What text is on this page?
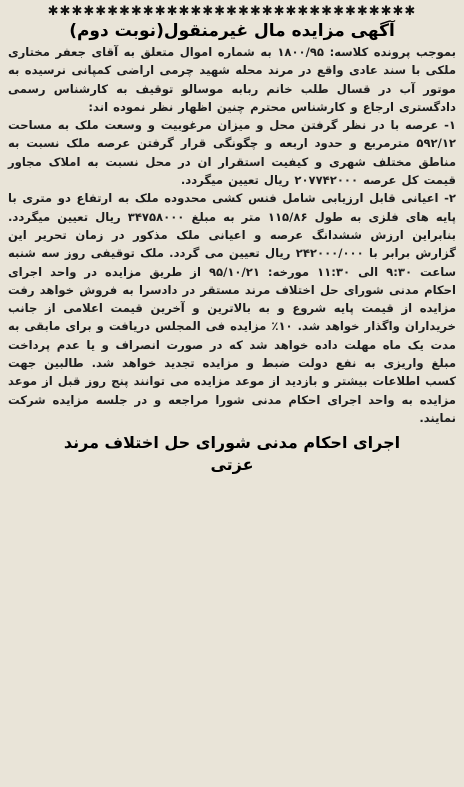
✱✱✱✱✱✱✱✱✱✱✱✱✱✱✱✱✱✱✱✱✱✱✱✱✱✱✱✱✱✱✱
آگهی مزایده مال غیرمنقول(نوبت دوم)

بموجب پرونده کلاسه: ۱۸۰۰/۹۵ به شماره اموال متعلق به آقای جعفر مختاری ملکی با سند عادی واقع در مرند محله شهید چرمی اراضی کمپانی نرسیده به موتور آب در قسال طلب خانم ربابه موسالو توقیف به کارشناس رسمی دادگستری ارجاع و کارشناس محترم چنین اظهار نظر نموده اند:

۱- عرصه با در نظر گرفتن محل و میزان مرغوبیت و وسعت ملک به مساحت ۵۹۲/۱۲ مترمربع و حدود اربعه و چگونگی قرار گرفتن عرصه ملک نسبت به مناطق مختلف شهری و کیفیت استقرار ان در محل نسبت به املاک مجاور قیمت کل عرصه ۲۰۷۷۴۲۰۰۰ ریال تعیین میگردد.

۲- اعیانی قابل ارزیابی شامل فنس کشی محدوده ملک به ارتفاع دو متری با پایه های فلزی به طول ۱۱۵/۸۶ متر به مبلغ ۳۴۷۵۸۰۰۰ ریال تعیین میگردد. بنابراین ارزش ششدانگ عرصه و اعیانی ملک مذکور در زمان تحریر این گزارش برابر با ۲۴۲۰۰۰/۰۰۰ ریال تعیین می گردد. ملک توقیفی روز سه شنبه ساعت ۹:۳۰ الی ۱۱:۳۰ مورخه: ۹۵/۱۰/۲۱ از طریق مزایده در واحد اجرای احکام مدنی شورای حل اختلاف مرند مستقر در دادسرا به فروش خواهد رفت مزایده از قیمت پایه شروع و به بالاترین و آخرین قیمت اعلامی از جانب خریداران واگذار خواهد شد. ۱۰٪ مزایده فی المجلس دریافت و برای مابقی به مدت یک ماه مهلت داده خواهد شد که در صورت انصراف و یا عدم پرداخت مبلغ واریزی به نفع دولت ضبط و مزایده تجدید خواهد شد. طالبین جهت کسب اطلاعات بیشتر و بازدید از موعد مزایده می توانند پنج روز قبل از موعد مزایده به واحد اجرای احکام مدنی شورا مراجعه و در جلسه مزایده شرکت نمایند.

اجرای احکام مدنی شورای حل اختلاف مرند
عزتی
